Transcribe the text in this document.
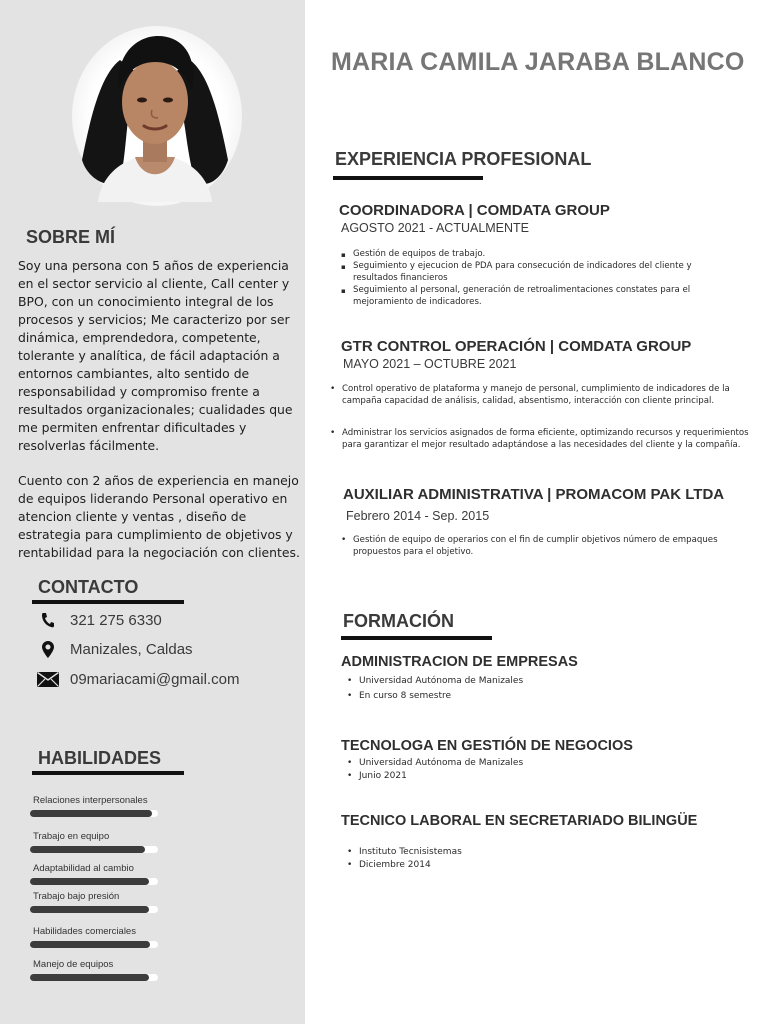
SOBRE MÍ
Soy una persona con 5 años de experiencia en el sector servicio al cliente, Call center y BPO, con un conocimiento integral de los procesos y servicios; Me caracterizo por ser dinámica, emprendedora, competente, tolerante y analítica, de fácil adaptación a entornos cambiantes, alto sentido de responsabilidad y compromiso frente a resultados organizacionales; cualidades que me permiten enfrentar dificultades y resolverlas fácilmente.
Cuento con 2 años de experiencia en manejo de equipos liderando Personal operativo en atencion cliente y ventas , diseño de estrategia para cumplimiento de objetivos y rentabilidad para la negociación con clientes.
CONTACTO
321 275 6330
Manizales, Caldas
09mariacami@gmail.com
HABILIDADES
Relaciones interpersonales
Trabajo en equipo
Adaptabilidad al cambio
Trabajo bajo presión
Habilidades comerciales
Manejo de equipos
MARIA CAMILA JARABA BLANCO
EXPERIENCIA PROFESIONAL
COORDINADORA | COMDATA GROUP
AGOSTO 2021 - ACTUALMENTE
▪ Gestión de equipos de trabajo.
▪ Seguimiento y ejecucion de PDA para consecución de indicadores del cliente y resultados financieros
▪ Seguimiento al personal, generación de retroalimentaciones constates para el mejoramiento de indicadores.
GTR CONTROL OPERACIÓN | COMDATA GROUP
MAYO 2021 – OCTUBRE 2021
• Control operativo de plataforma y manejo de personal, cumplimiento de indicadores de la campaña capacidad de análisis, calidad, absentismo, interacción con cliente principal.
• Administrar los servicios asignados de forma eficiente, optimizando recursos y requerimientos para garantizar el mejor resultado adaptándose a las necesidades del cliente y la compañía.
AUXILIAR ADMINISTRATIVA | PROMACOM PAK LTDA
Febrero 2014 - Sep. 2015
• Gestión de equipo de operarios con el fin de cumplir objetivos número de empaques propuestos para el objetivo.
FORMACIÓN
ADMINISTRACION DE EMPRESAS
• Universidad Autónoma de Manizales
• En curso 8 semestre
TECNOLOGA EN GESTIÓN DE NEGOCIOS
• Universidad Autónoma de Manizales
• Junio 2021
TECNICO LABORAL EN SECRETARIADO BILINGÜE
• Instituto Tecnisistemas
• Diciembre 2014
